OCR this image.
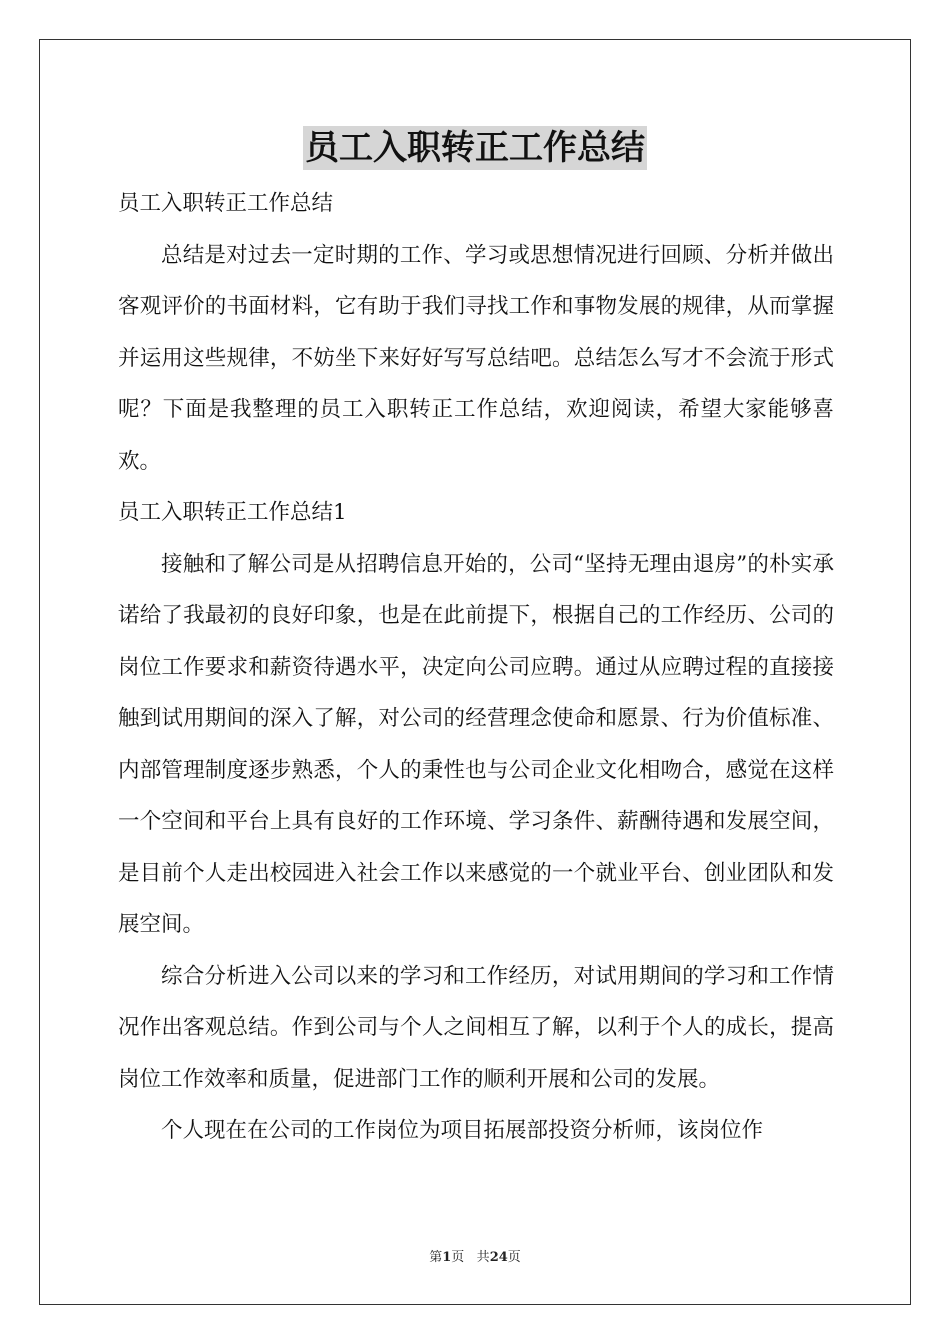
员工入职转正工作总结

员工入职转正工作总结

总结是对过去一定时期的工作、学习或思想情况进行回顾、分析并做出客观评价的书面材料，它有助于我们寻找工作和事物发展的规律，从而掌握并运用这些规律，不妨坐下来好好写写总结吧。总结怎么写才不会流于形式呢？下面是我整理的员工入职转正工作总结，欢迎阅读，希望大家能够喜欢。

员工入职转正工作总结1

接触和了解公司是从招聘信息开始的，公司“坚持无理由退房”的朴实承诺给了我最初的良好印象，也是在此前提下，根据自己的工作经历、公司的岗位工作要求和薪资待遇水平，决定向公司应聘。通过从应聘过程的直接接触到试用期间的深入了解，对公司的经营理念使命和愿景、行为价值标准、内部管理制度逐步熟悉，个人的秉性也与公司企业文化相吻合，感觉在这样一个空间和平台上具有良好的工作环境、学习条件、薪酬待遇和发展空间，是目前个人走出校园进入社会工作以来感觉的一个就业平台、创业团队和发展空间。

综合分析进入公司以来的学习和工作经历，对试用期间的学习和工作情况作出客观总结。作到公司与个人之间相互了解，以利于个人的成长，提高岗位工作效率和质量，促进部门工作的顺利开展和公司的发展。

个人现在在公司的工作岗位为项目拓展部投资分析师，该岗位作

第1页 共24页
